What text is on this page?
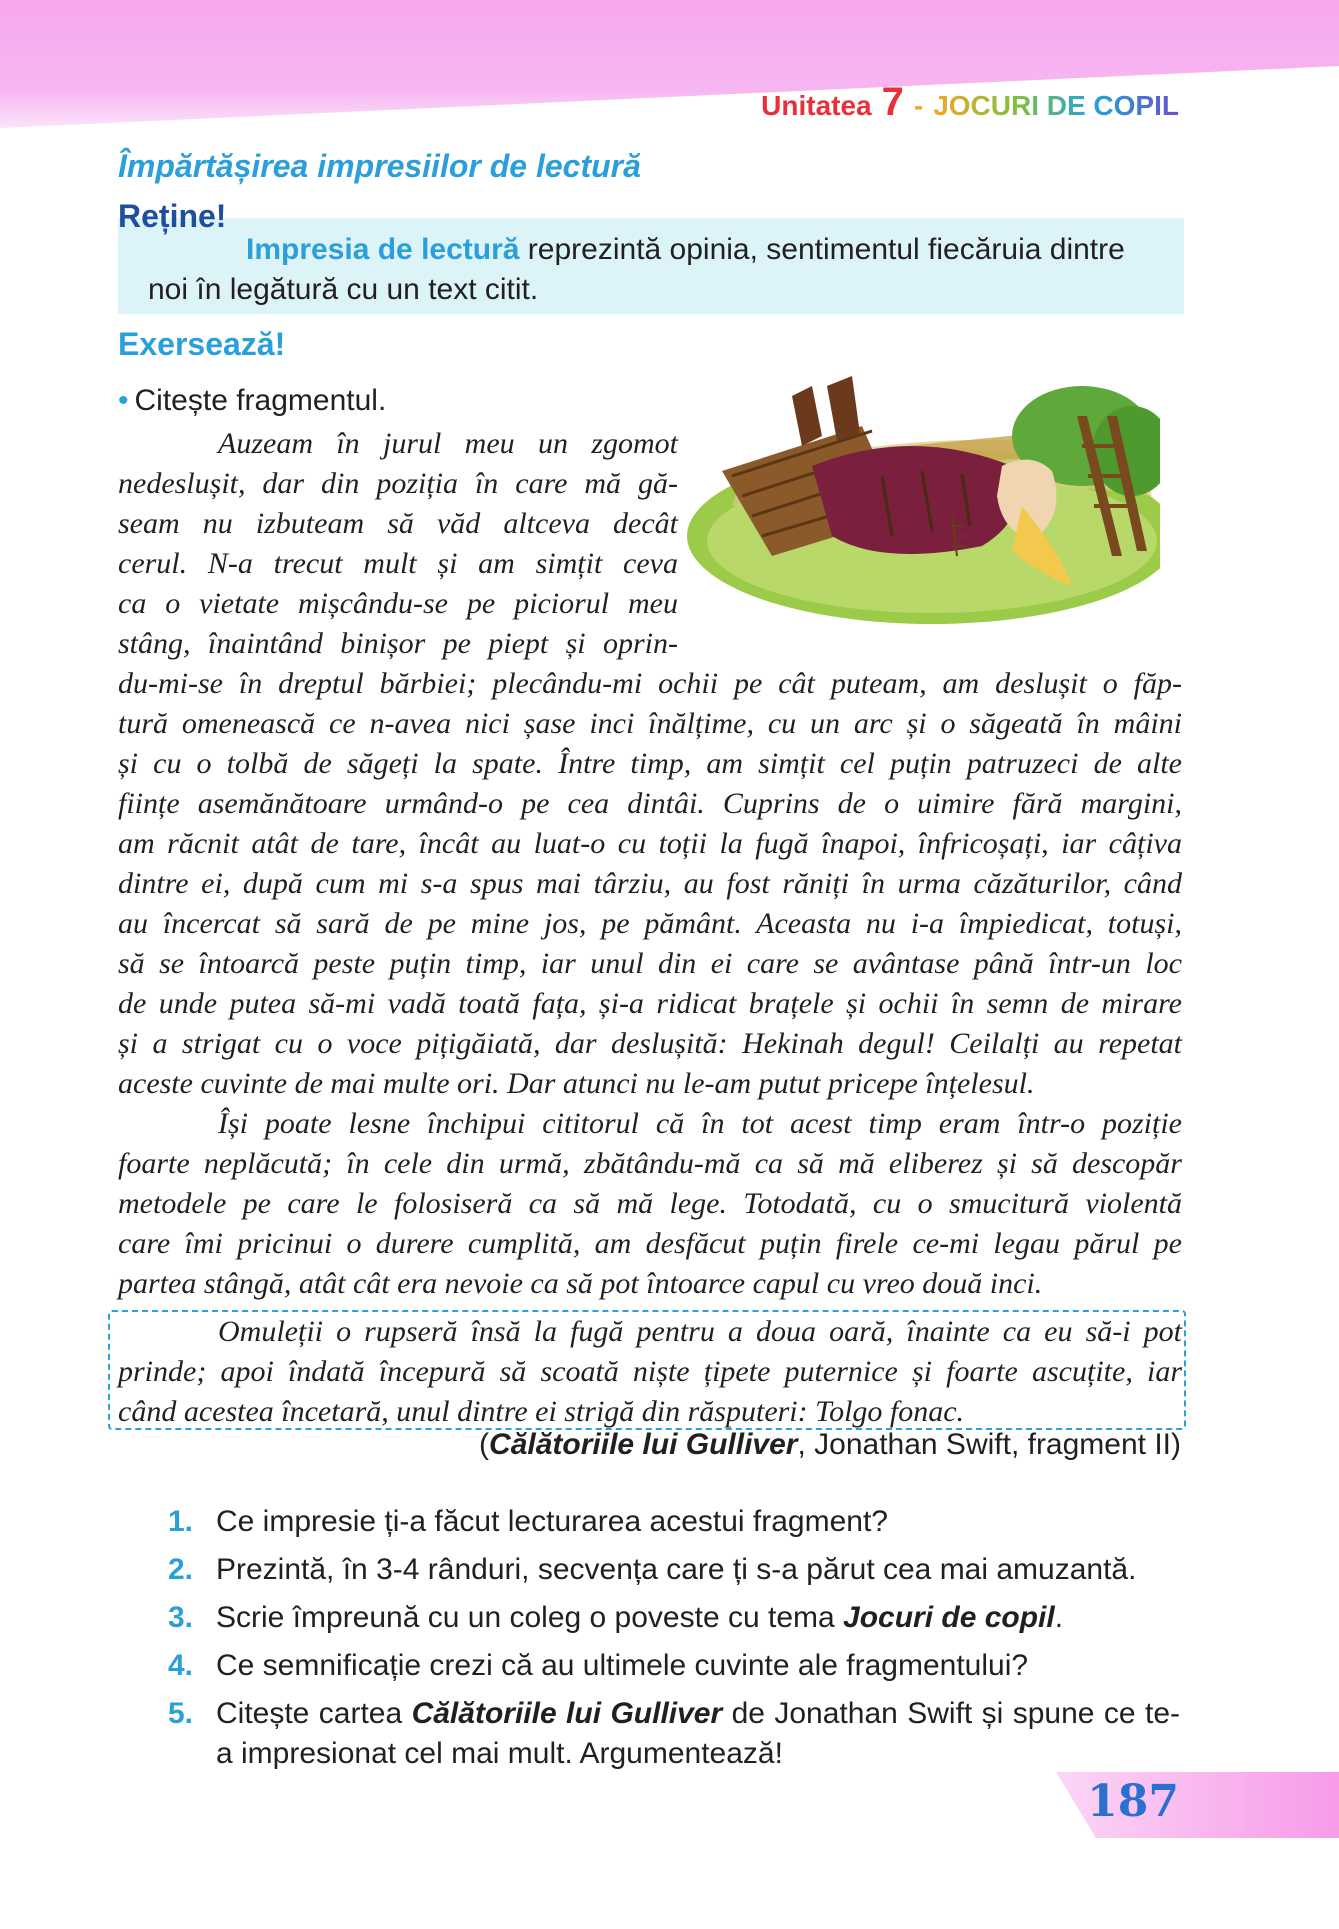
Unitatea 7 - JOCURI DE COPIL
Împărtășirea impresiilor de lectură
Reține!
Impresia de lectură reprezintă opinia, sentimentul fiecăruia dintre noi în legătură cu un text citit.
Exersează!
• Citește fragmentul.
Auzeam în jurul meu un zgomot
nedeslușit, dar din poziția în care mă gă-
seam nu izbuteam să văd altceva decât
cerul. N-a trecut mult și am simțit ceva
ca o vietate mișcându-se pe piciorul meu
stâng, înaintând binișor pe piept și oprin-
du-mi-se în dreptul bărbiei; plecându-mi ochii pe cât puteam, am deslușit o făp-
tură omenească ce n-avea nici șase inci înălțime, cu un arc și o săgeată în mâini
și cu o tolbă de săgeți la spate. Între timp, am simțit cel puțin patruzeci de alte
ființe asemănătoare urmând-o pe cea dintâi. Cuprins de o uimire fără margini,
am răcnit atât de tare, încât au luat-o cu toții la fugă înapoi, înfricoșați, iar câțiva
dintre ei, după cum mi s-a spus mai târziu, au fost răniți în urma căzăturilor, când
au încercat să sară de pe mine jos, pe pământ. Aceasta nu i-a împiedicat, totuși,
să se întoarcă peste puțin timp, iar unul din ei care se avântase până într-un loc
de unde putea să-mi vadă toată fața, și-a ridicat brațele și ochii în semn de mirare
și a strigat cu o voce pițigăiată, dar deslușită: Hekinah degul! Ceilalți au repetat
aceste cuvinte de mai multe ori. Dar atunci nu le-am putut pricepe înțelesul.
Își poate lesne închipui cititorul că în tot acest timp eram într-o poziție
foarte neplăcută; în cele din urmă, zbătându-mă ca să mă eliberez și să descopăr
metodele pe care le folosiseră ca să mă lege. Totodată, cu o smucitură violentă
care îmi pricinui o durere cumplită, am desfăcut puțin firele ce-mi legau părul pe
partea stângă, atât cât era nevoie ca să pot întoarce capul cu vreo două inci.
Omuleții o rupseră însă la fugă pentru a doua oară, înainte ca eu să-i pot
prinde; apoi îndată începură să scoată niște țipete puternice și foarte ascuțite, iar
când acestea încetară, unul dintre ei strigă din răsputeri: Tolgo fonac.
(Călătoriile lui Gulliver, Jonathan Swift, fragment II)
1. Ce impresie ți-a făcut lecturarea acestui fragment?
2. Prezintă, în 3-4 rânduri, secvența care ți s-a părut cea mai amuzantă.
3. Scrie împreună cu un coleg o poveste cu tema Jocuri de copil.
4. Ce semnificație crezi că au ultimele cuvinte ale fragmentului?
5. Citește cartea Călătoriile lui Gulliver de Jonathan Swift și spune ce te-a impresionat cel mai mult. Argumentează!
187
